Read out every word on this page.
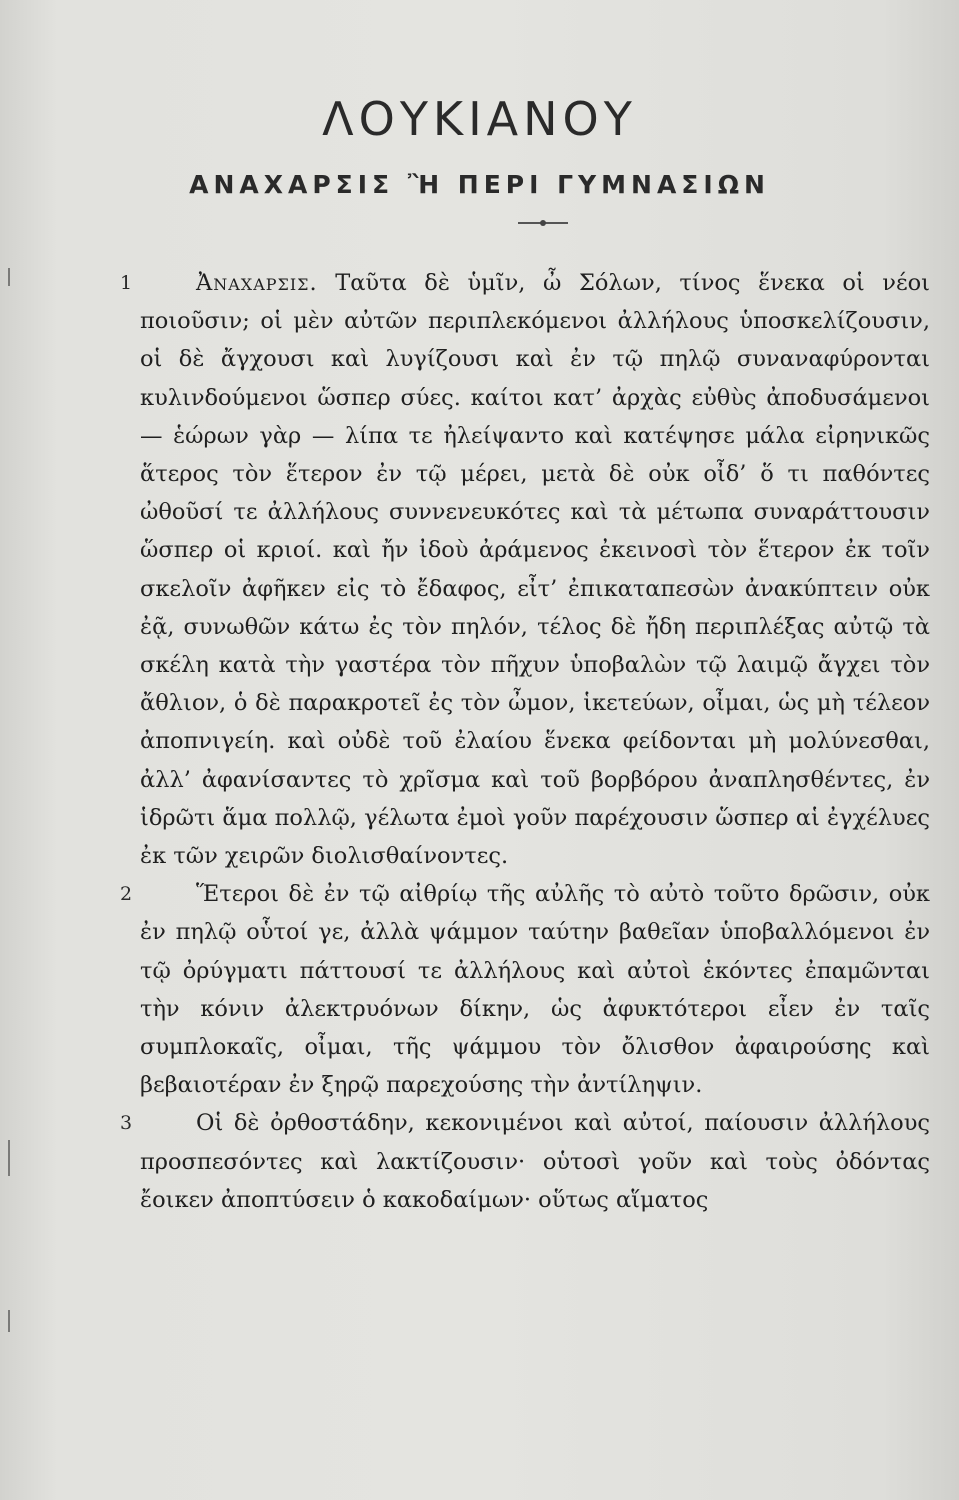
ΛΟΥΚΙΑΝΟΥ
ΑΝΑΧΑΡΣΙΣ Ἢ ΠΕΡΙ ΓΥΜΝΑΣΙΩΝ

1	Ἀναχαρσις. Ταῦτα δὲ ὑμῖν, ὦ Σόλων, τίνος ἕνεκα οἱ νέοι ποιοῦσιν; οἱ μὲν αὐτῶν περιπλεκόμενοι ἀλλήλους ὑποσκελίζουσιν, οἱ δὲ ἄγχουσι καὶ λυγίζουσι καὶ ἐν τῷ πηλῷ συναναφύρονται κυλινδούμενοι ὥσπερ σύες. καίτοι κατ’ ἀρχὰς εὐθὺς ἀποδυσάμενοι — ἑώρων γὰρ — λίπα τε ἠλείψαντο καὶ κατέψησε μάλα εἰρηνικῶς ἅτερος τὸν ἕτερον ἐν τῷ μέρει, μετὰ δὲ οὐκ οἶδ’ ὅ τι παθόντες ὠθοῦσί τε ἀλλήλους συννενευκότες καὶ τὰ μέτωπα συναράττουσιν ὥσπερ οἱ κριοί. καὶ ἤν ἰδοὺ ἀράμενος ἐκεινοσὶ τὸν ἕτερον ἐκ τοῖν σκελοῖν ἀφῆκεν εἰς τὸ ἔδαφος, εἶτ’ ἐπικαταπεσὼν ἀνακύπτειν οὐκ ἐᾷ, συνωθῶν κάτω ἐς τὸν πηλόν, τέλος δὲ ἤδη περιπλέξας αὐτῷ τὰ σκέλη κατὰ τὴν γαστέρα τὸν πῆχυν ὑποβαλὼν τῷ λαιμῷ ἄγχει τὸν ἄθλιον, ὁ δὲ παρακροτεῖ ἐς τὸν ὦμον, ἱκετεύων, οἶμαι, ὡς μὴ τέλεον ἀποπνιγείη. καὶ οὐδὲ τοῦ ἐλαίου ἕνεκα φείδονται μὴ μολύνεσθαι, ἀλλ’ ἀφανίσαντες τὸ χρῖσμα καὶ τοῦ βορβόρου ἀναπλησθέντες, ἐν ἱδρῶτι ἅμα πολλῷ, γέλωτα ἐμοὶ γοῦν παρέχουσιν ὥσπερ αἱ ἐγχέλυες ἐκ τῶν χειρῶν διολισθαίνοντες.

2	Ἕτεροι δὲ ἐν τῷ αἰθρίῳ τῆς αὐλῆς τὸ αὐτὸ τοῦτο δρῶσιν, οὐκ ἐν πηλῷ οὗτοί γε, ἀλλὰ ψάμμον ταύτην βαθεῖαν ὑποβαλλόμενοι ἐν τῷ ὀρύγματι πάττουσί τε ἀλλήλους καὶ αὐτοὶ ἑκόντες ἐπαμῶνται τὴν κόνιν ἀλεκτρυόνων δίκην, ὡς ἀφυκτότεροι εἶεν ἐν ταῖς συμπλοκαῖς, οἶμαι, τῆς ψάμμου τὸν ὄλισθον ἀφαιρούσης καὶ βεβαιοτέραν ἐν ξηρῷ παρεχούσης τὴν ἀντίληψιν.

3	Οἱ δὲ ὀρθοστάδην, κεκονιμένοι καὶ αὐτοί, παίουσιν ἀλλήλους προσπεσόντες καὶ λακτίζουσιν· οὑτοσὶ γοῦν καὶ τοὺς ὀδόντας ἔοικεν ἀποπτύσειν ὁ κακοδαίμων· οὕτως αἵματος
